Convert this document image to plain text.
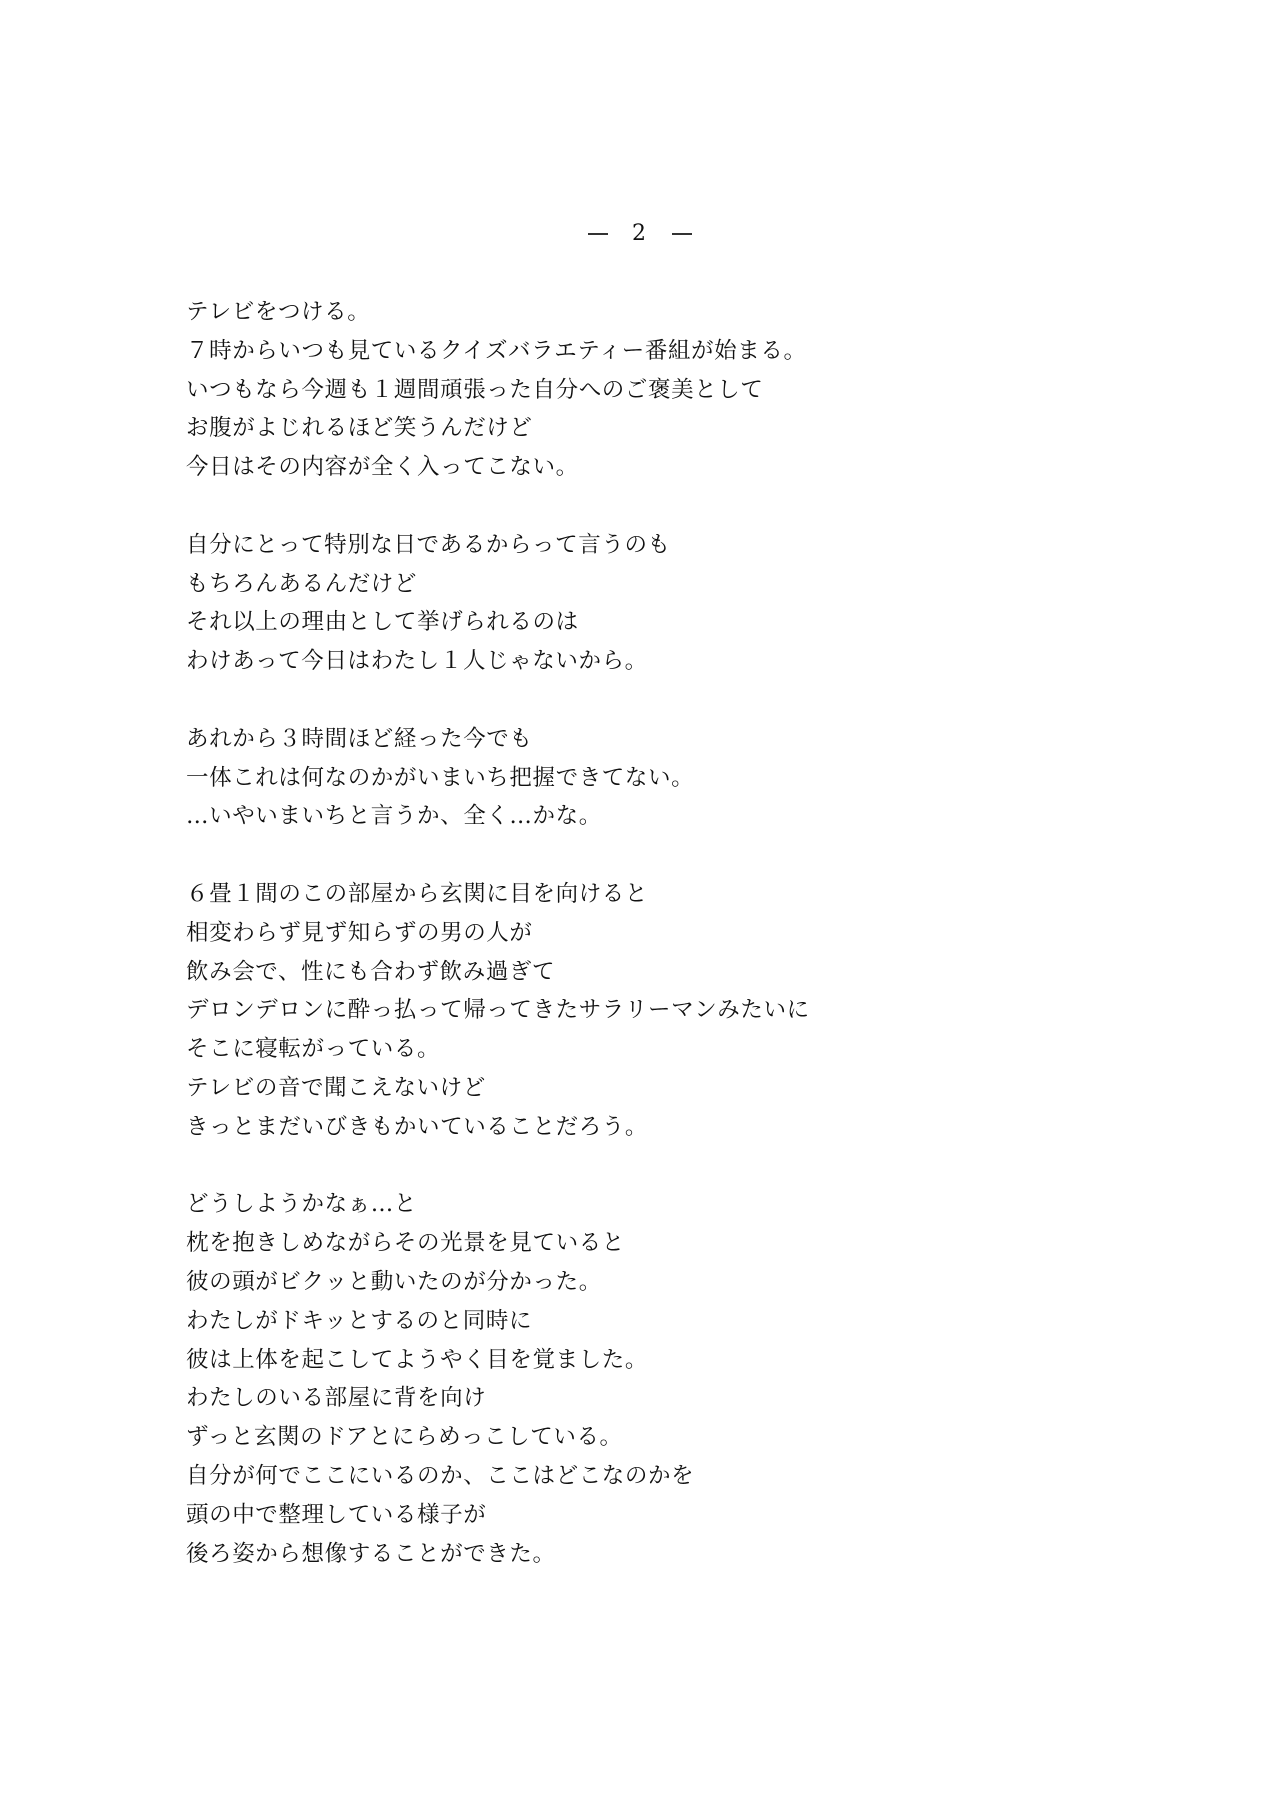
2
テレビをつける。
７時からいつも見ているクイズバラエティー番組が始まる。
いつもなら今週も１週間頑張った自分へのご褒美として
お腹がよじれるほど笑うんだけど
今日はその内容が全く入ってこない。
自分にとって特別な日であるからって言うのも
もちろんあるんだけど
それ以上の理由として挙げられるのは
わけあって今日はわたし１人じゃないから。
あれから３時間ほど経った今でも
一体これは何なのかがいまいち把握できてない。
…いやいまいちと言うか、全く…かな。
６畳１間のこの部屋から玄関に目を向けると
相変わらず見ず知らずの男の人が
飲み会で、性にも合わず飲み過ぎて
デロンデロンに酔っ払って帰ってきたサラリーマンみたいに
そこに寝転がっている。
テレビの音で聞こえないけど
きっとまだいびきもかいていることだろう。
どうしようかなぁ…と
枕を抱きしめながらその光景を見ていると
彼の頭がビクッと動いたのが分かった。
わたしがドキッとするのと同時に
彼は上体を起こしてようやく目を覚ました。
わたしのいる部屋に背を向け
ずっと玄関のドアとにらめっこしている。
自分が何でここにいるのか、ここはどこなのかを
頭の中で整理している様子が
後ろ姿から想像することができた。
